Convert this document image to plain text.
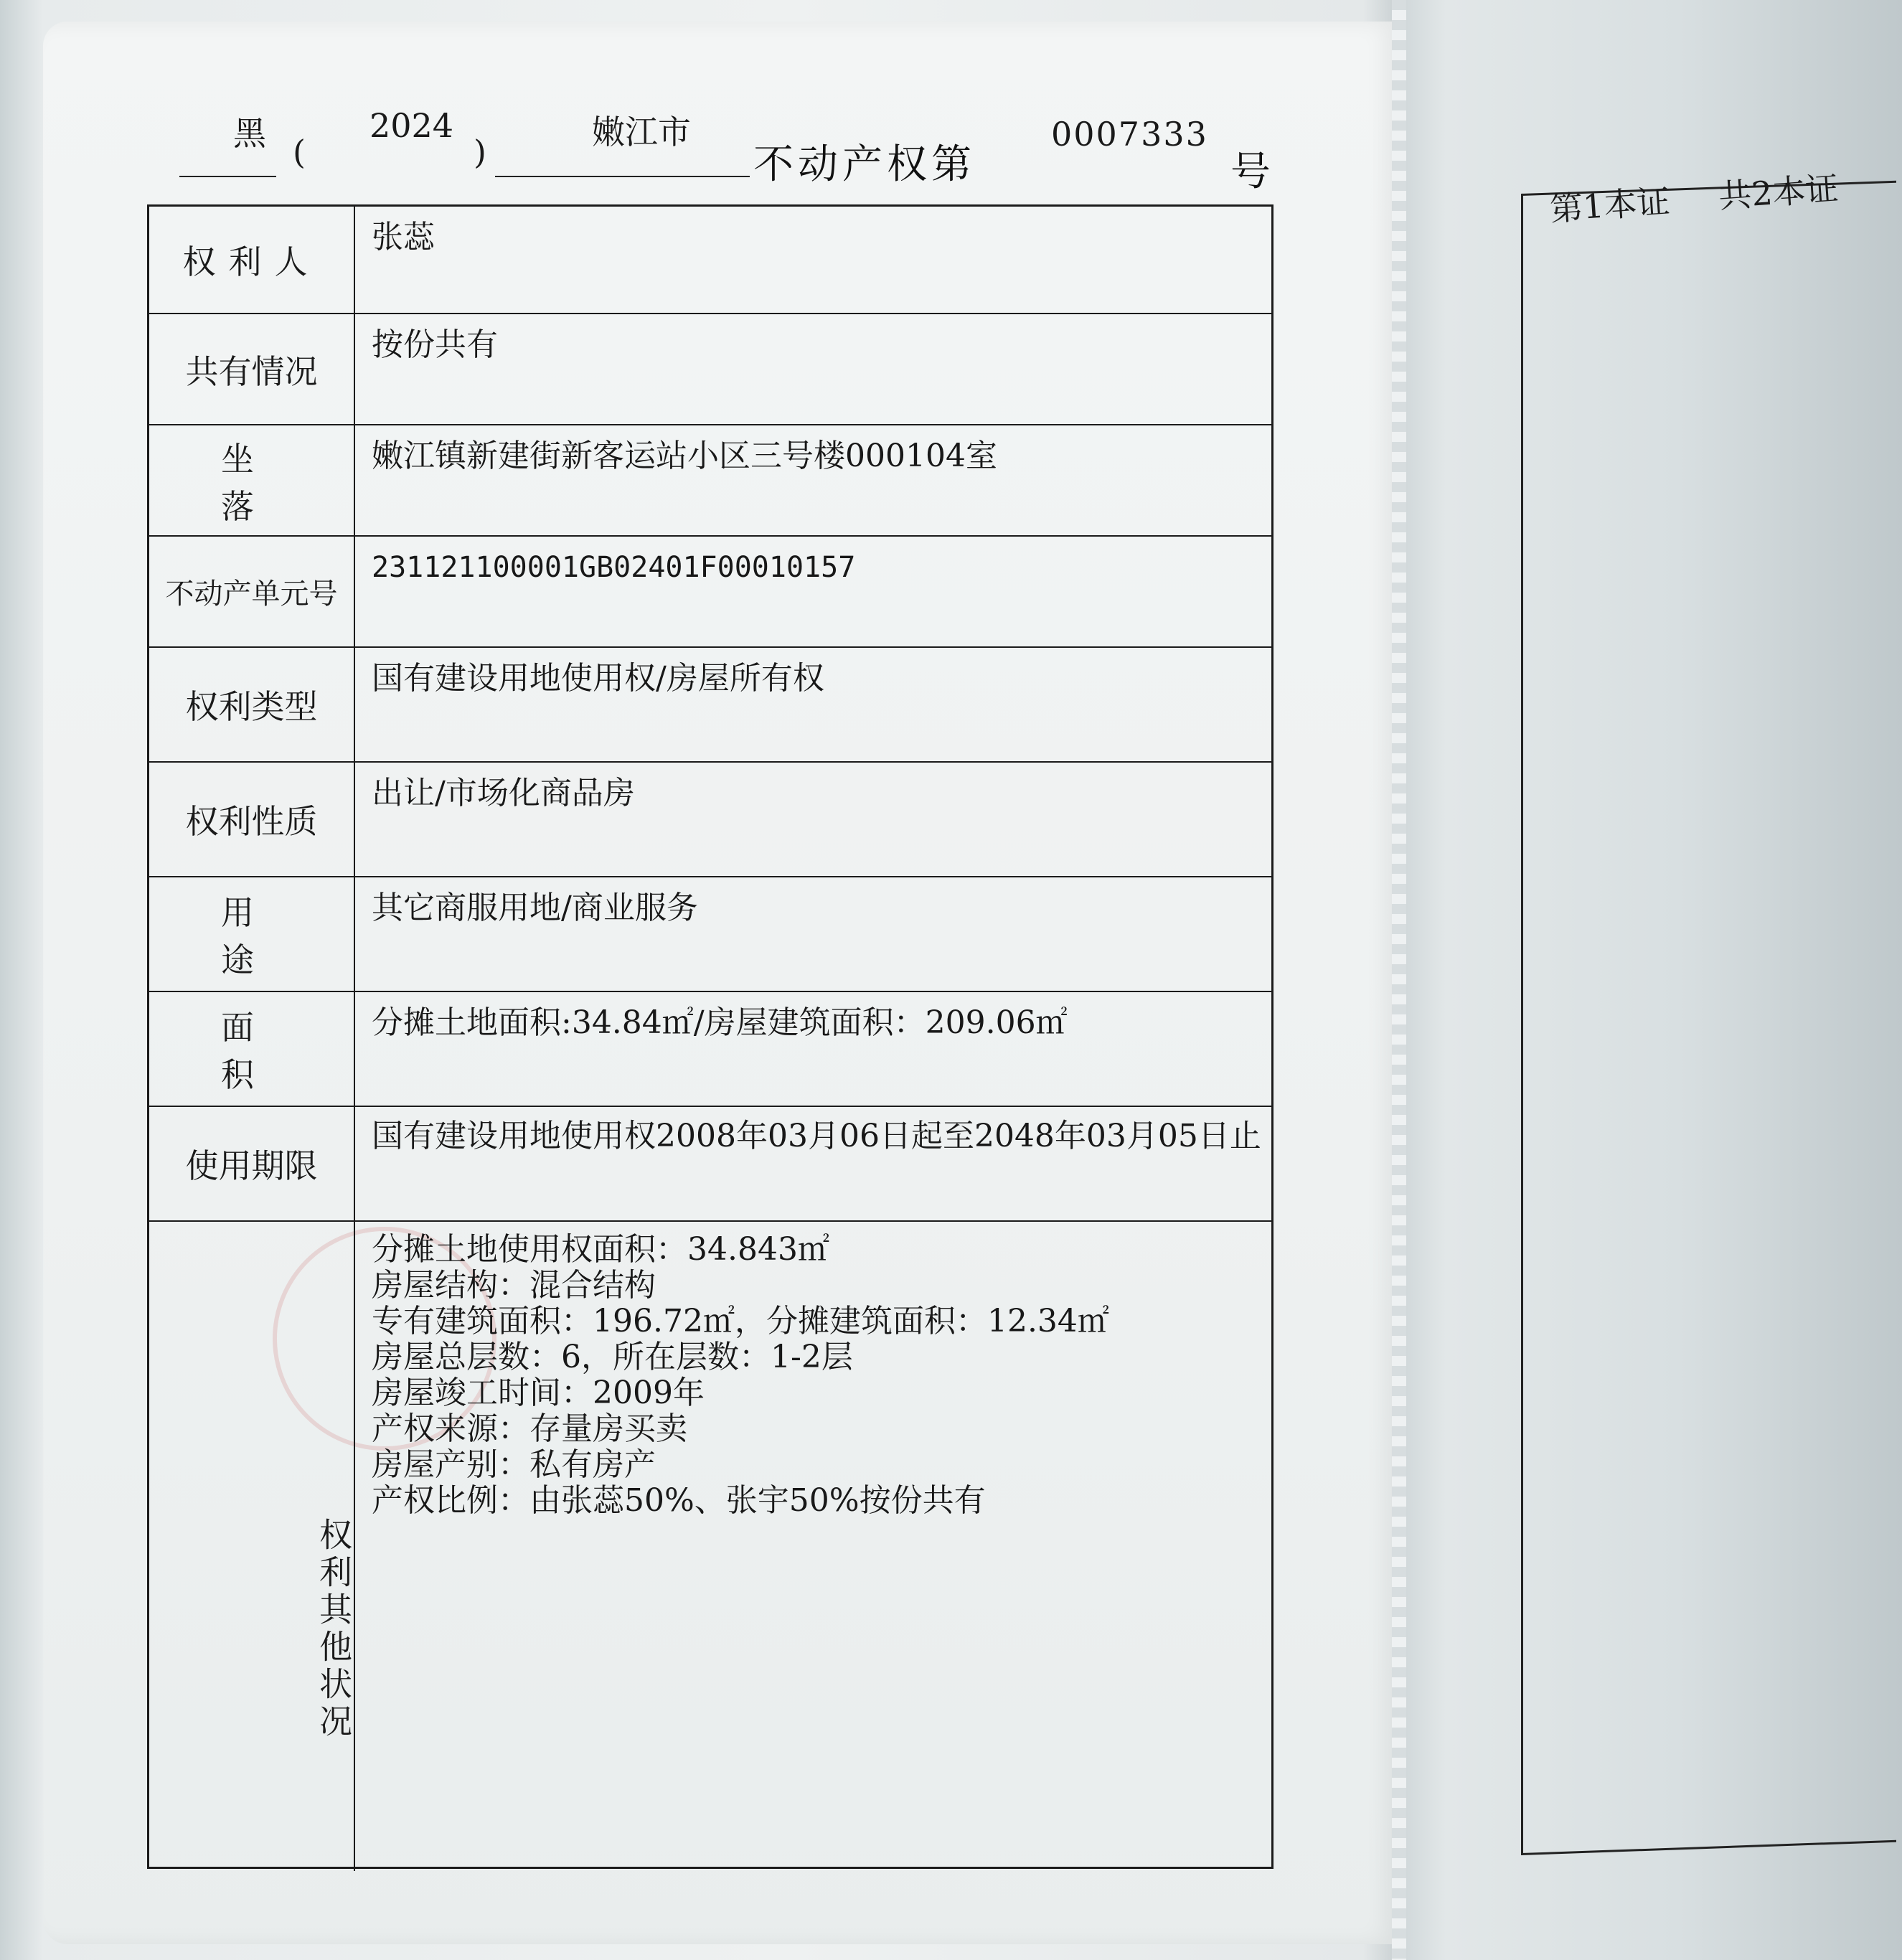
黑 (
2024
)
嫩江市
不动产权第
0007333
号
权利人
张蕊
共有情况
按份共有
坐落
嫩江镇新建街新客运站小区三号楼000104室
不动产单元号
231121100001GB02401F00010157
权利类型
国有建设用地使用权/房屋所有权
权利性质
出让/市场化商品房
用途
其它商服用地/商业服务
面积
分摊土地面积:34.84㎡/房屋建筑面积：209.06㎡
使用期限
国有建设用地使用权2008年03月06日起至2048年03月05日止
权利其他状况
分摊土地使用权面积：34.843㎡
房屋结构：混合结构
专有建筑面积：196.72㎡，分摊建筑面积：12.34㎡
房屋总层数：6，所在层数：1-2层
房屋竣工时间：2009年
产权来源：存量房买卖
房屋产别：私有房产
产权比例：由张蕊50%、张宇50%按份共有
第1本证 共2本证
